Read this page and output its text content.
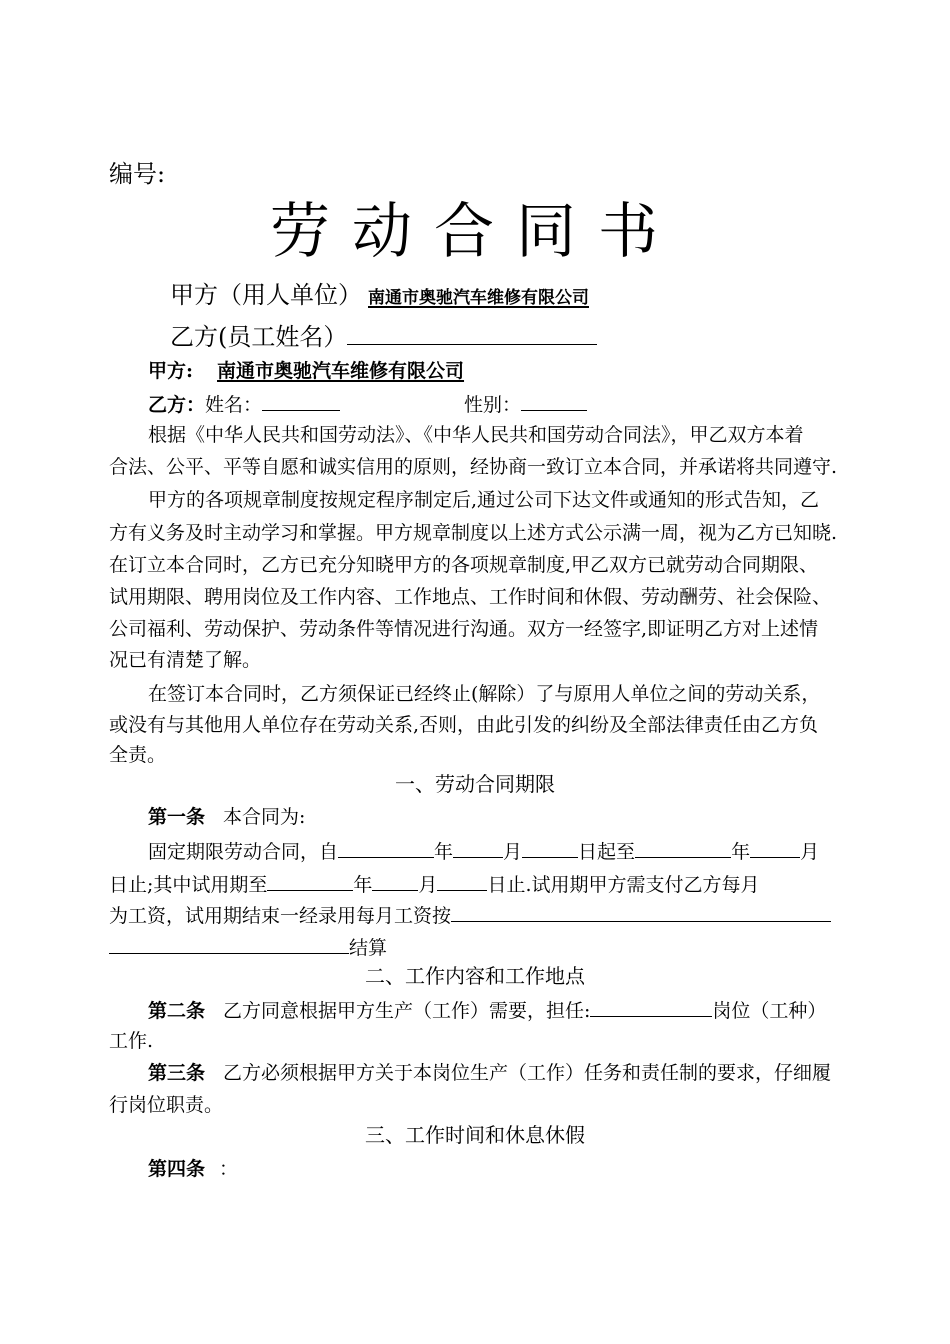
编号:
劳动合同书
甲方（用人单位） 南通市奥驰汽车维修有限公司
乙方(员工姓名）
甲方: 南通市奥驰汽车维修有限公司
乙方：姓名：	性别：
根据《中华人民共和国劳动法》、《中华人民共和国劳动合同法》，甲乙双方本着
合法、公平、平等自愿和诚实信用的原则，经协商一致订立本合同，并承诺将共同遵守.
甲方的各项规章制度按规定程序制定后,通过公司下达文件或通知的形式告知，乙
方有义务及时主动学习和掌握。甲方规章制度以上述方式公示满一周，视为乙方已知晓.
在订立本合同时，乙方已充分知晓甲方的各项规章制度,甲乙双方已就劳动合同期限、
试用期限、聘用岗位及工作内容、工作地点、工作时间和休假、劳动酬劳、社会保险、
公司福利、劳动保护、劳动条件等情况进行沟通。双方一经签字,即证明乙方对上述情
况已有清楚了解。
在签订本合同时，乙方须保证已经终止(解除）了与原用人单位之间的劳动关系，
或没有与其他用人单位存在劳动关系,否则，由此引发的纠纷及全部法律责任由乙方负
全责。
一、劳动合同期限
第一条 本合同为:
固定期限劳动合同，自	年	月	日起至	年	月
日止;其中试用期至	年 月	日止.试用期甲方需支付乙方每月
为工资，试用期结束一经录用每月工资按
结算
二、工作内容和工作地点
第二条 乙方同意根据甲方生产（工作）需要，担任:	岗位（工种）
工作.
第三条 乙方必须根据甲方关于本岗位生产（工作）任务和责任制的要求，仔细履
行岗位职责。
三、工作时间和休息休假
第四条 ：
